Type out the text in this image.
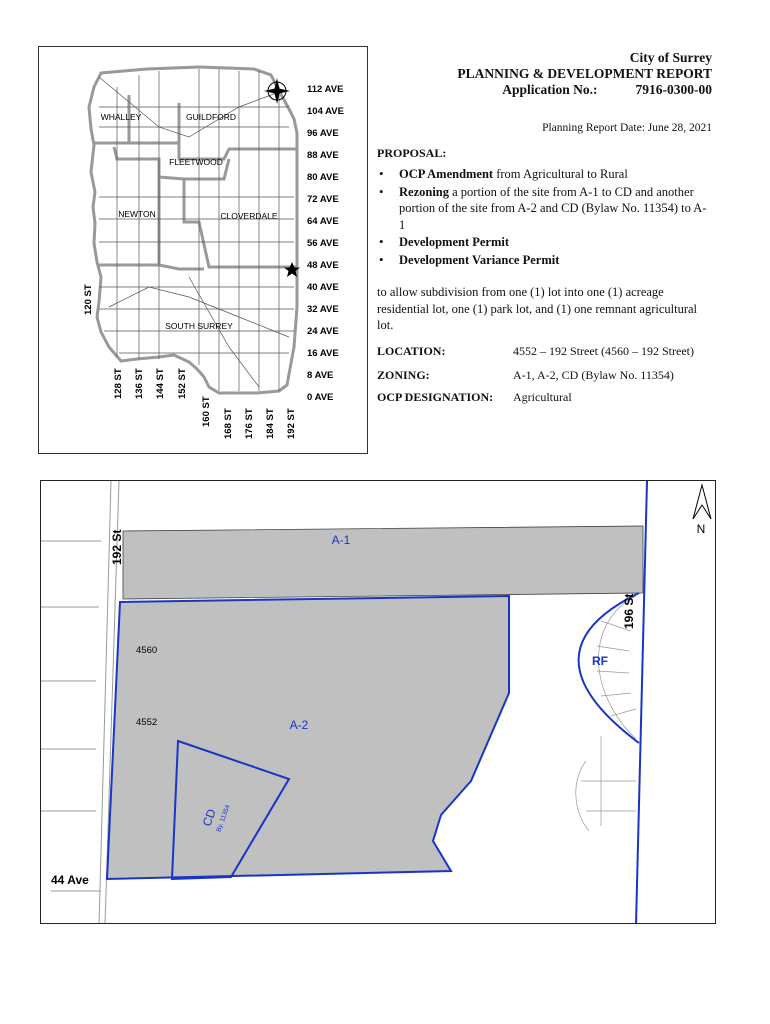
WHALLEY	GUILDFORD
FLEETWOOD
NEWTON	CLOVERDALE
SOUTH SURREY
112 AVE
104 AVE
96 AVE
88 AVE
80 AVE
72 AVE
64 AVE
56 AVE
48 AVE
40 AVE
32 AVE
24 AVE
16 AVE
8 AVE
0 AVE
120 ST
128 ST 136 ST 144 ST 152 ST
160 ST 168 ST 176 ST 184 ST 192 ST
City of Surrey
PLANNING & DEVELOPMENT REPORT
Application No.:	7916-0300-00
Planning Report Date: June 28, 2021
PROPOSAL:
• OCP Amendment from Agricultural to Rural
• Rezoning a portion of the site from A-1 to CD and another portion of the site from A-2 and CD (Bylaw No. 11354) to A-1
• Development Permit
• Development Variance Permit
to allow subdivision from one (1) lot into one (1) acreage residential lot, one (1) park lot, and (1) one remnant agricultural lot.
LOCATION:	4552 – 192 Street (4560 – 192 Street)
ZONING:	A-1, A-2, CD (Bylaw No. 11354)
OCP DESIGNATION: Agricultural
A-1
A-2
RF
CD
By. 11354
192 St
196 St
44 Ave
4560
4552
N
